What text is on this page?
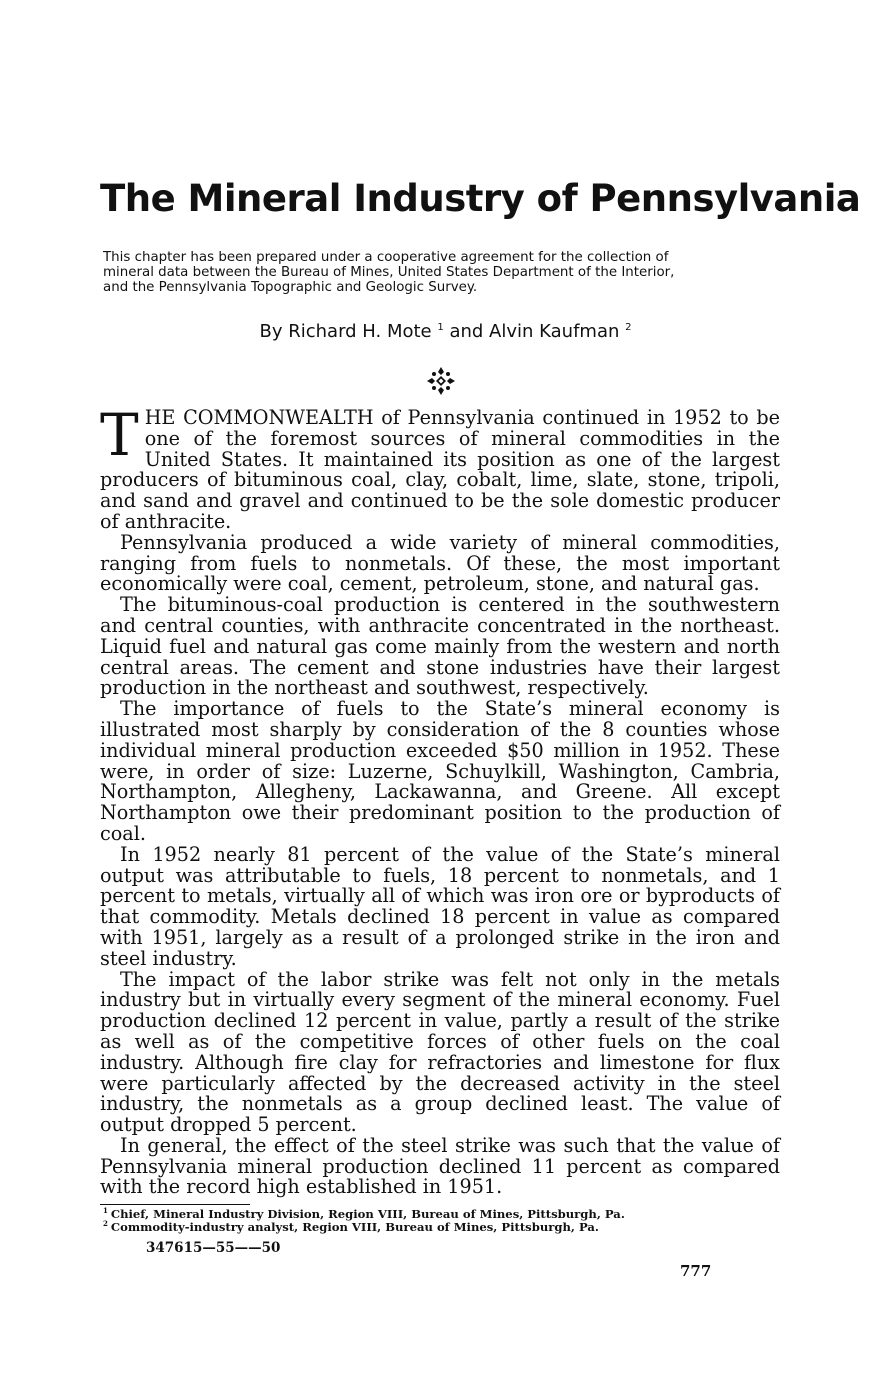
The Mineral Industry of Pennsylvania
This chapter has been prepared under a cooperative agreement for the collection of
mineral data between the Bureau of Mines, United States Department of the Interior,
and the Pennsylvania Topographic and Geologic Survey.

By Richard H. Mote $^1$ and Alvin Kaufman $^2$

THE COMMONWEALTH of Pennsylvania continued in 1952 to be one of the foremost sources of mineral commodities in the United States. It maintained its position as one of the largest producers of bituminous coal, clay, cobalt, lime, slate, stone, tripoli, and sand and gravel and continued to be the sole domestic producer of anthracite.

Pennsylvania produced a wide variety of mineral commodities, ranging from fuels to nonmetals. Of these, the most important economically were coal, cement, petroleum, stone, and natural gas.

The bituminous-coal production is centered in the southwestern and central counties, with anthracite concentrated in the northeast. Liquid fuel and natural gas come mainly from the western and north central areas. The cement and stone industries have their largest production in the northeast and southwest, respectively.

The importance of fuels to the State’s mineral economy is illustrated most sharply by consideration of the 8 counties whose individual mineral production exceeded $50 million in 1952. These were, in order of size: Luzerne, Schuylkill, Washington, Cambria, Northampton, Allegheny, Lackawanna, and Greene. All except Northampton owe their predominant position to the production of coal.

In 1952 nearly 81 percent of the value of the State’s mineral output was attributable to fuels, 18 percent to nonmetals, and 1 percent to metals, virtually all of which was iron ore or byproducts of that commodity. Metals declined 18 percent in value as compared with 1951, largely as a result of a prolonged strike in the iron and steel industry.

The impact of the labor strike was felt not only in the metals industry but in virtually every segment of the mineral economy. Fuel production declined 12 percent in value, partly a result of the strike as well as of the competitive forces of other fuels on the coal industry. Although fire clay for refractories and limestone for flux were particularly affected by the decreased activity in the steel industry, the nonmetals as a group declined least. The value of output dropped 5 percent.

In general, the effect of the steel strike was such that the value of Pennsylvania mineral production declined 11 percent as compared with the record high established in 1951.

$^1$ Chief, Mineral Industry Division, Region VIII, Bureau of Mines, Pittsburgh, Pa.
$^2$ Commodity-industry analyst, Region VIII, Bureau of Mines, Pittsburgh, Pa.

347615—55——50

777
